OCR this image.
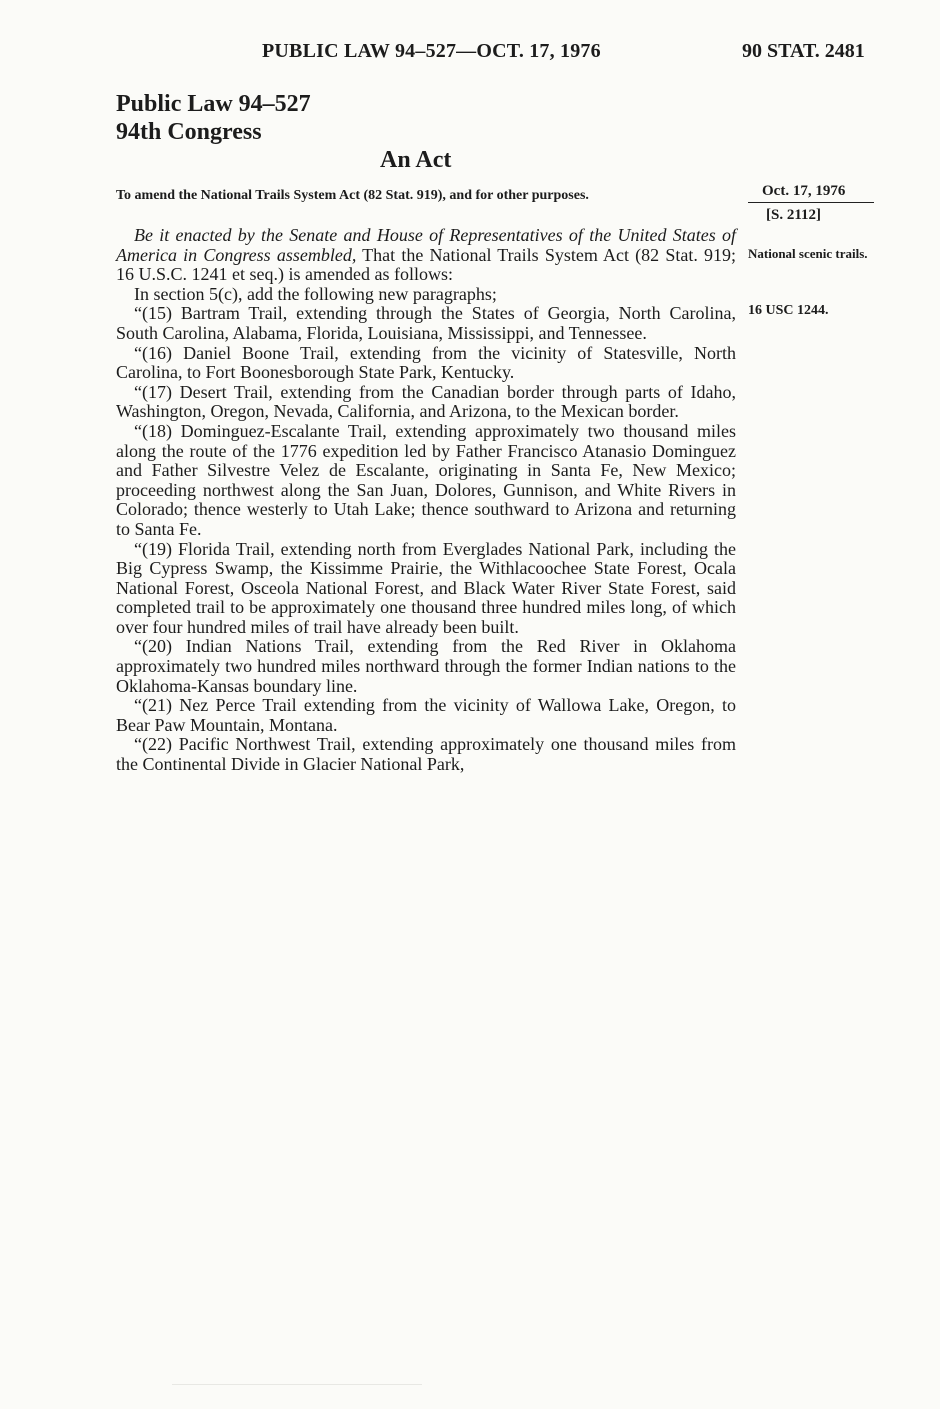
PUBLIC LAW 94–527—OCT. 17, 1976	90 STAT. 2481
Public Law 94–527
94th Congress
An Act
To amend the National Trails System Act (82 Stat. 919), and for other purposes.	Oct. 17, 1976
[S. 2112]
National scenic trails.
16 USC 1244.

Be it enacted by the Senate and House of Representatives of the United States of America in Congress assembled, That the National Trails System Act (82 Stat. 919; 16 U.S.C. 1241 et seq.) is amended as follows:

In section 5(c), add the following new paragraphs;

“(15) Bartram Trail, extending through the States of Georgia, North Carolina, South Carolina, Alabama, Florida, Louisiana, Mississippi, and Tennessee.

“(16) Daniel Boone Trail, extending from the vicinity of Statesville, North Carolina, to Fort Boonesborough State Park, Kentucky.

“(17) Desert Trail, extending from the Canadian border through parts of Idaho, Washington, Oregon, Nevada, California, and Arizona, to the Mexican border.

“(18) Dominguez-Escalante Trail, extending approximately two thousand miles along the route of the 1776 expedition led by Father Francisco Atanasio Dominguez and Father Silvestre Velez de Escalante, originating in Santa Fe, New Mexico; proceeding northwest along the San Juan, Dolores, Gunnison, and White Rivers in Colorado; thence westerly to Utah Lake; thence southward to Arizona and returning to Santa Fe.

“(19) Florida Trail, extending north from Everglades National Park, including the Big Cypress Swamp, the Kissimme Prairie, the Withlacoochee State Forest, Ocala National Forest, Osceola National Forest, and Black Water River State Forest, said completed trail to be approximately one thousand three hundred miles long, of which over four hundred miles of trail have already been built.

“(20) Indian Nations Trail, extending from the Red River in Oklahoma approximately two hundred miles northward through the former Indian nations to the Oklahoma-Kansas boundary line.

“(21) Nez Perce Trail extending from the vicinity of Wallowa Lake, Oregon, to Bear Paw Mountain, Montana.

“(22) Pacific Northwest Trail, extending approximately one thousand miles from the Continental Divide in Glacier National Park,
